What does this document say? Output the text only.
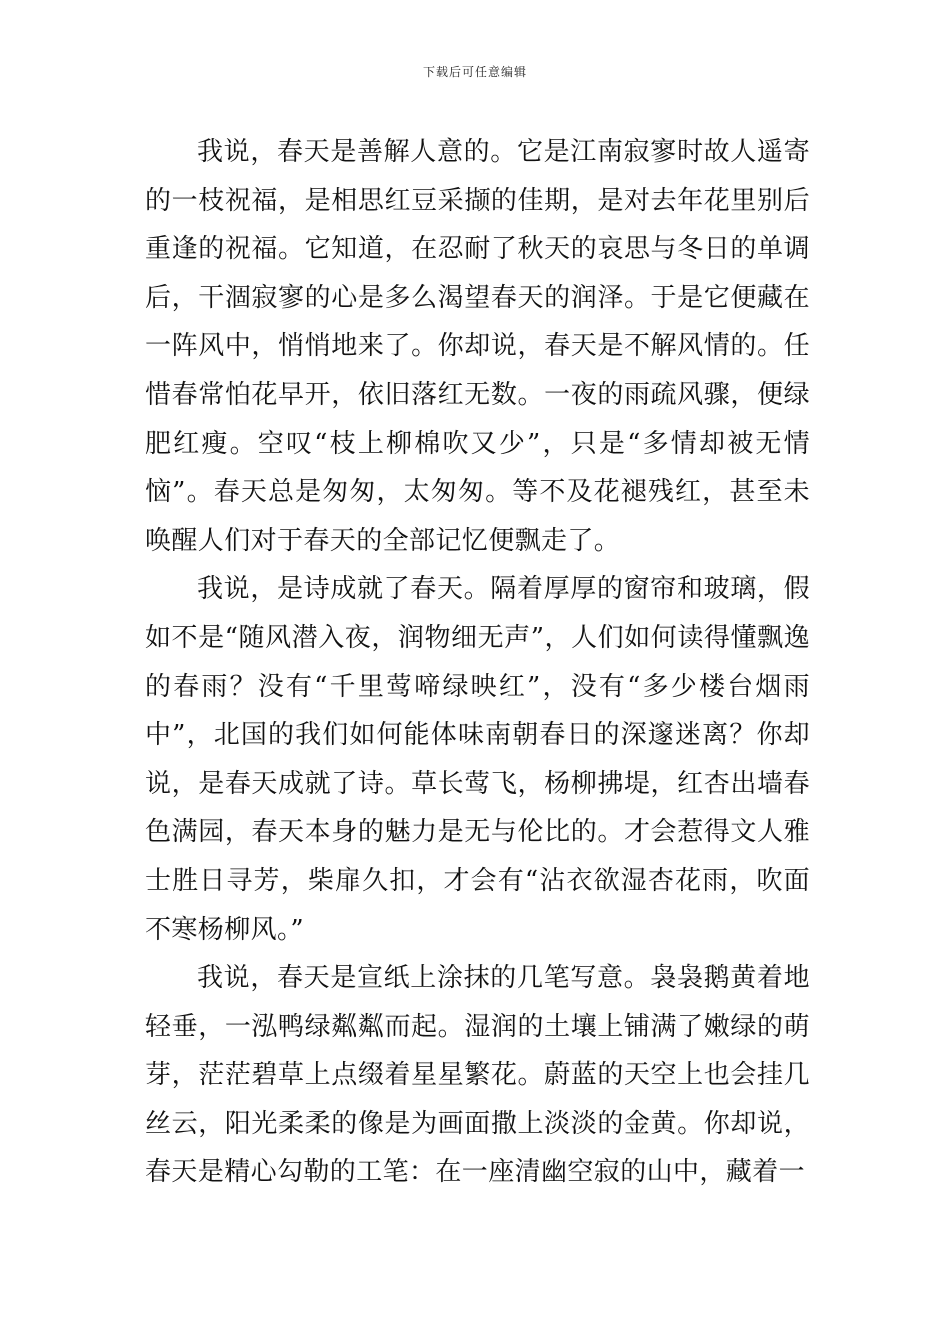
下载后可任意编辑

我说，春天是善解人意的。它是江南寂寥时故人遥寄的一枝祝福，是相思红豆采撷的佳期，是对去年花里别后重逢的祝福。它知道，在忍耐了秋天的哀思与冬日的单调后，干涸寂寥的心是多么渴望春天的润泽。于是它便藏在一阵风中，悄悄地来了。你却说，春天是不解风情的。任惜春常怕花早开，依旧落红无数。一夜的雨疏风骤，便绿肥红瘦。空叹“枝上柳棉吹又少”，只是“多情却被无情恼”。春天总是匆匆，太匆匆。等不及花褪残红，甚至未唤醒人们对于春天的全部记忆便飘走了。

我说，是诗成就了春天。隔着厚厚的窗帘和玻璃，假如不是“随风潜入夜，润物细无声”，人们如何读得懂飘逸的春雨？没有“千里莺啼绿映红”，没有“多少楼台烟雨中”，北国的我们如何能体味南朝春日的深邃迷离？你却说，是春天成就了诗。草长莺飞，杨柳拂堤，红杏出墙春色满园，春天本身的魅力是无与伦比的。才会惹得文人雅士胜日寻芳，柴扉久扣，才会有“沾衣欲湿杏花雨，吹面不寒杨柳风。”

我说，春天是宣纸上涂抹的几笔写意。袅袅鹅黄着地轻垂，一泓鸭绿粼粼而起。湿润的土壤上铺满了嫩绿的萌芽，茫茫碧草上点缀着星星繁花。蔚蓝的天空上也会挂几丝云，阳光柔柔的像是为画面撒上淡淡的金黄。你却说，春天是精心勾勒的工笔：在一座清幽空寂的山中，藏着一
